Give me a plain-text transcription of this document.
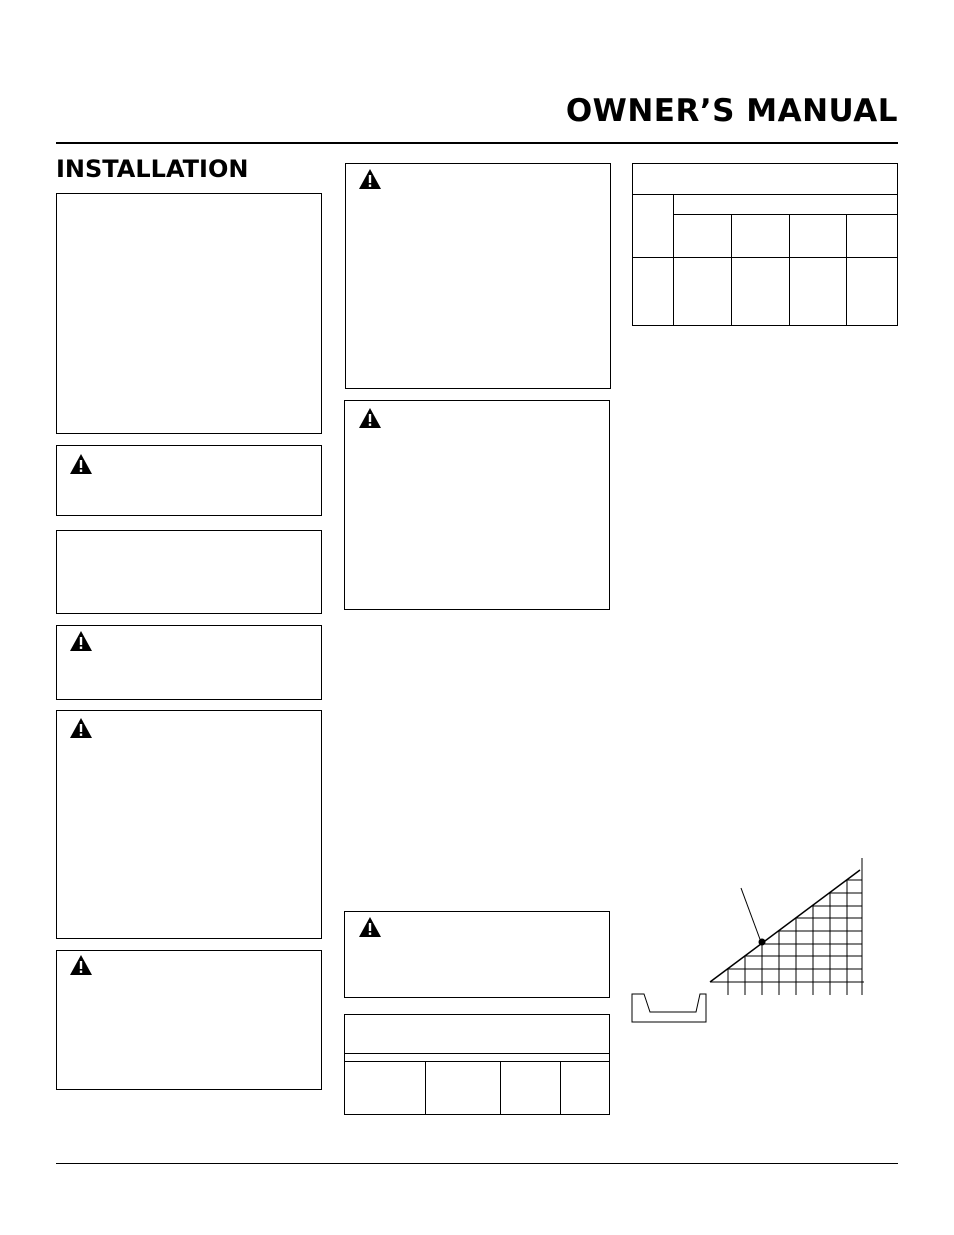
OWNER’S MANUAL
INSTALLATION
